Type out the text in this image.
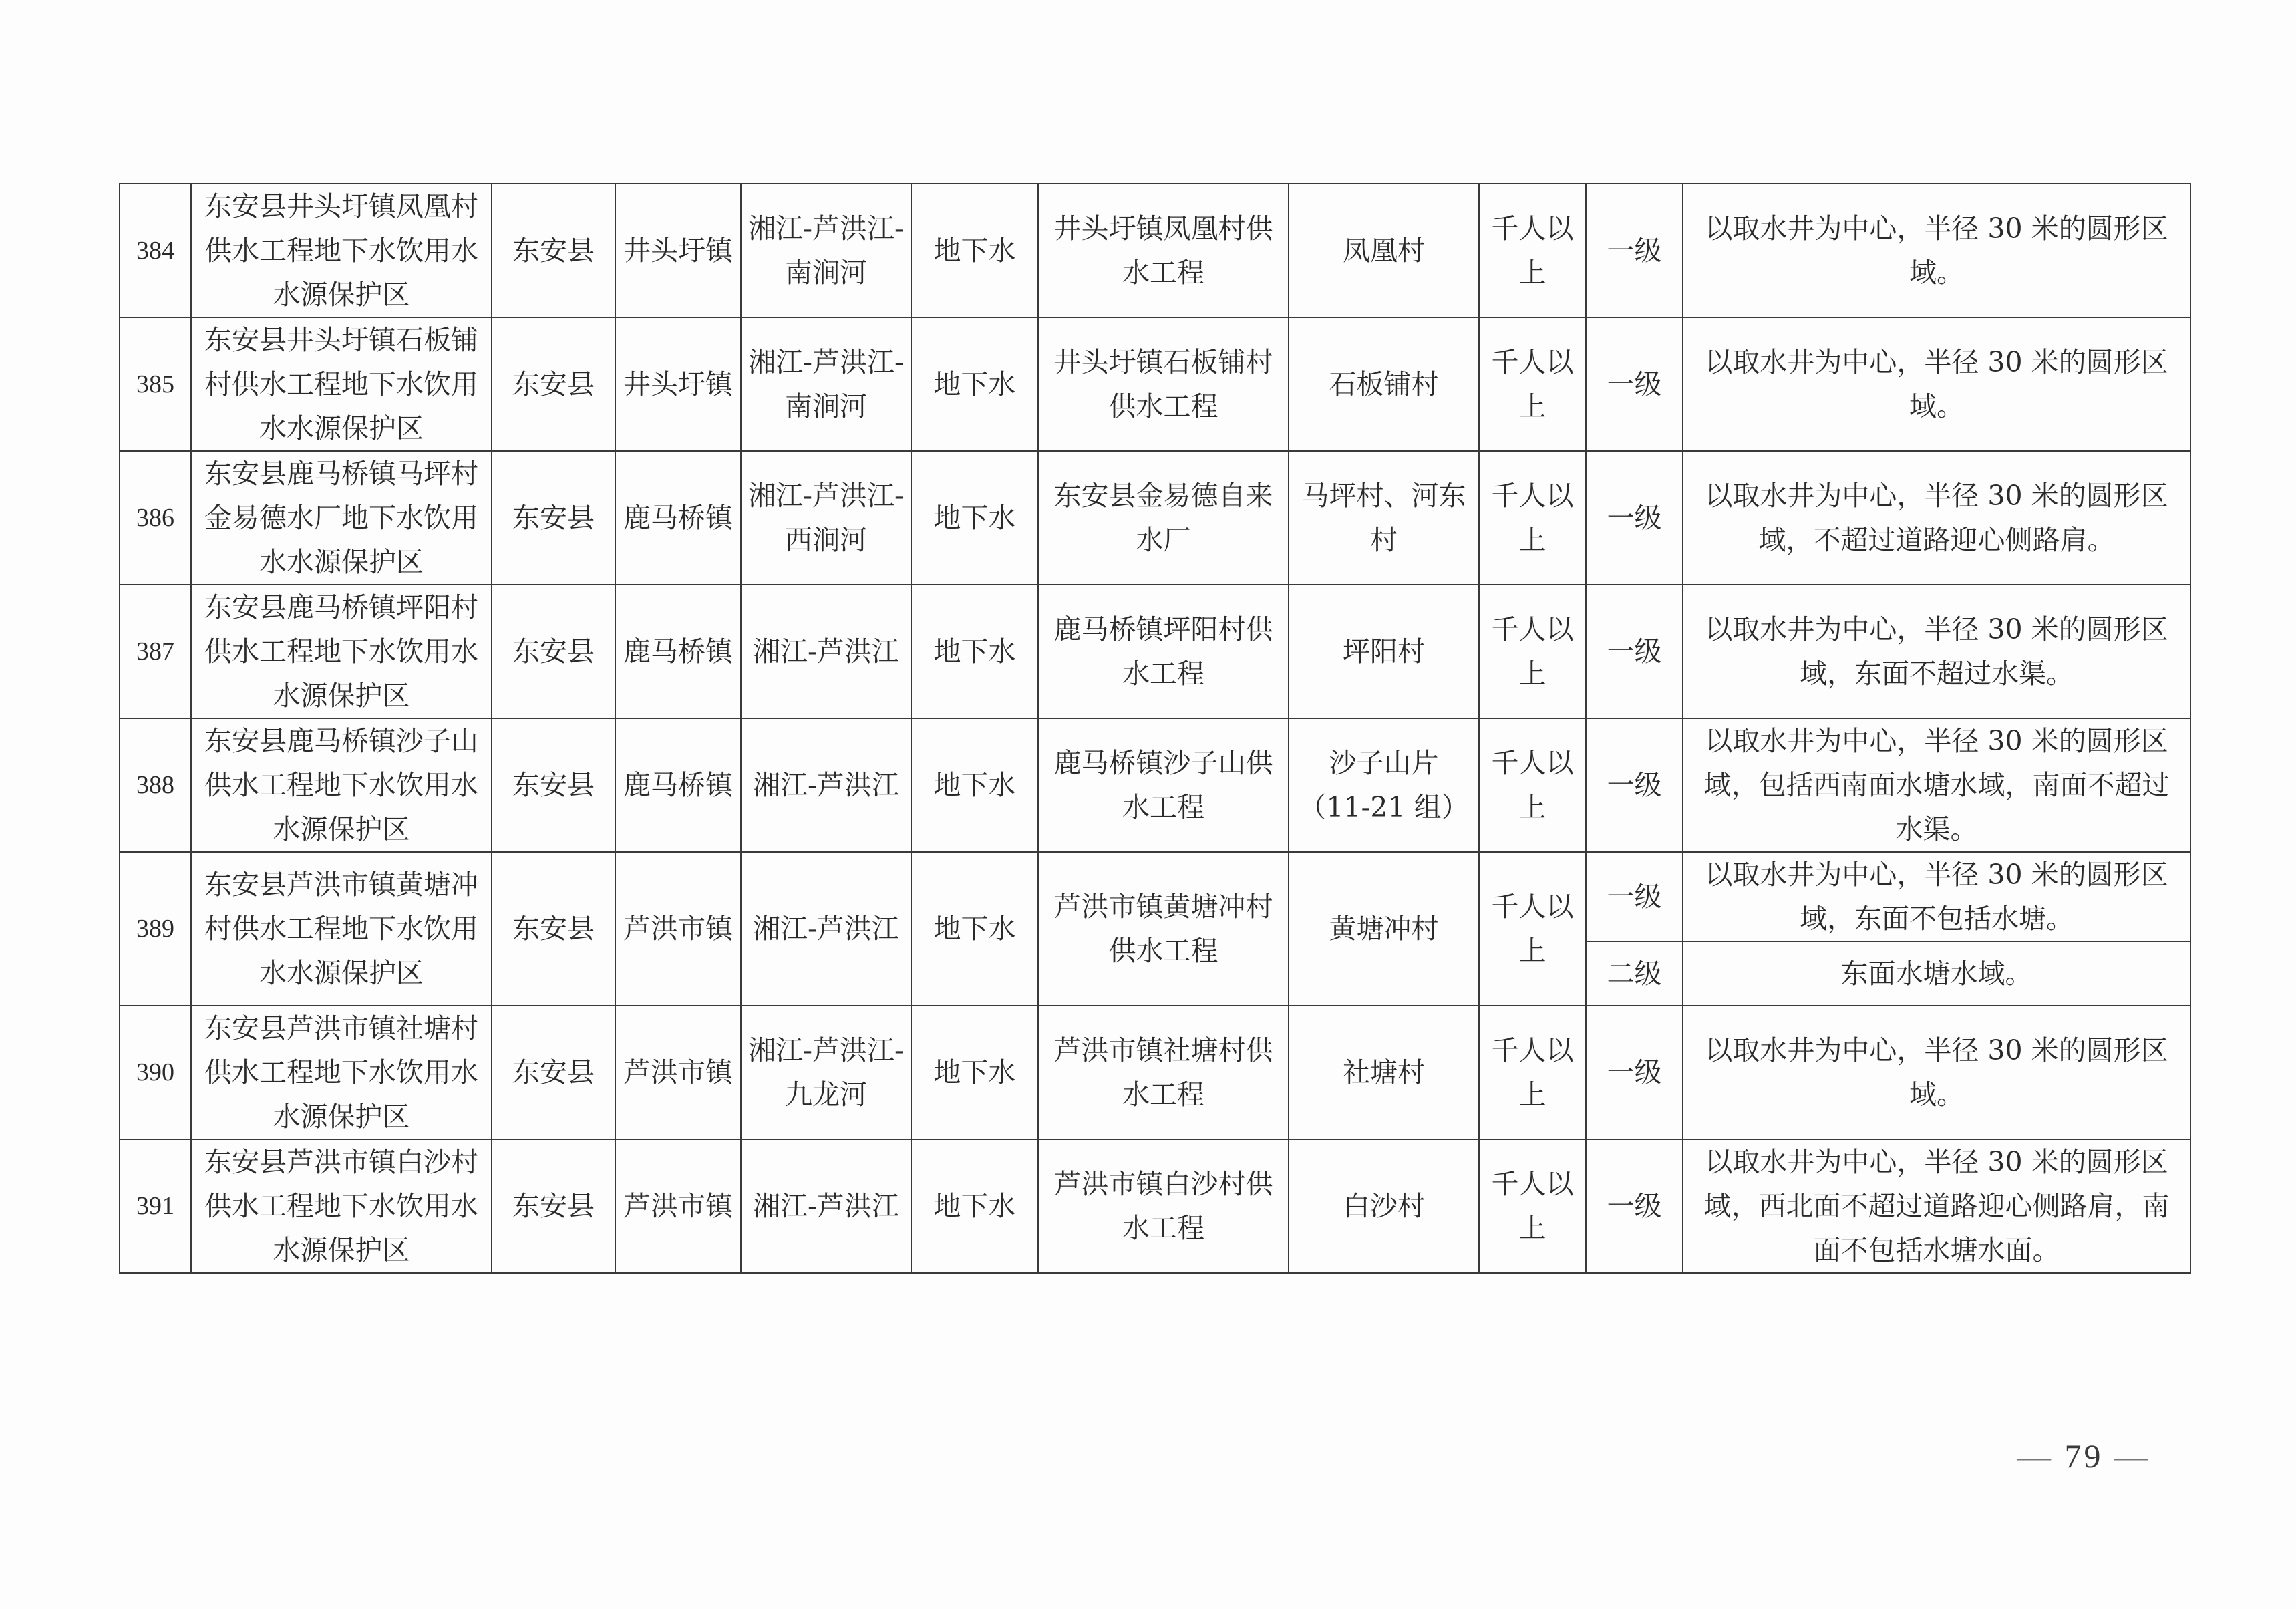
384	东安县井头圩镇凤凰村供水工程地下水饮用水水源保护区	东安县	井头圩镇	湘江-芦洪江-南涧河	地下水	井头圩镇凤凰村供水工程	凤凰村	千人以上	一级	以取水井为中心，半径 30 米的圆形区域。
385	东安县井头圩镇石板铺村供水工程地下水饮用水水源保护区	东安县	井头圩镇	湘江-芦洪江-南涧河	地下水	井头圩镇石板铺村供水工程	石板铺村	千人以上	一级	以取水井为中心，半径 30 米的圆形区域。
386	东安县鹿马桥镇马坪村金易德水厂地下水饮用水水源保护区	东安县	鹿马桥镇	湘江-芦洪江-西涧河	地下水	东安县金易德自来水厂	马坪村、河东村	千人以上	一级	以取水井为中心，半径 30 米的圆形区域，不超过道路迎心侧路肩。
387	东安县鹿马桥镇坪阳村供水工程地下水饮用水水源保护区	东安县	鹿马桥镇	湘江-芦洪江	地下水	鹿马桥镇坪阳村供水工程	坪阳村	千人以上	一级	以取水井为中心，半径 30 米的圆形区域，东面不超过水渠。
388	东安县鹿马桥镇沙子山供水工程地下水饮用水水源保护区	东安县	鹿马桥镇	湘江-芦洪江	地下水	鹿马桥镇沙子山供水工程	沙子山片（11-21 组）	千人以上	一级	以取水井为中心，半径 30 米的圆形区域，包括西南面水塘水域，南面不超过水渠。
389	东安县芦洪市镇黄塘冲村供水工程地下水饮用水水源保护区	东安县	芦洪市镇	湘江-芦洪江	地下水	芦洪市镇黄塘冲村供水工程	黄塘冲村	千人以上	一级	以取水井为中心，半径 30 米的圆形区域，东面不包括水塘。
									二级	东面水塘水域。
390	东安县芦洪市镇社塘村供水工程地下水饮用水水源保护区	东安县	芦洪市镇	湘江-芦洪江-九龙河	地下水	芦洪市镇社塘村供水工程	社塘村	千人以上	一级	以取水井为中心，半径 30 米的圆形区域。
391	东安县芦洪市镇白沙村供水工程地下水饮用水水源保护区	东安县	芦洪市镇	湘江-芦洪江	地下水	芦洪市镇白沙村供水工程	白沙村	千人以上	一级	以取水井为中心，半径 30 米的圆形区域，西北面不超过道路迎心侧路肩，南面不包括水塘水面。
— 79 —
